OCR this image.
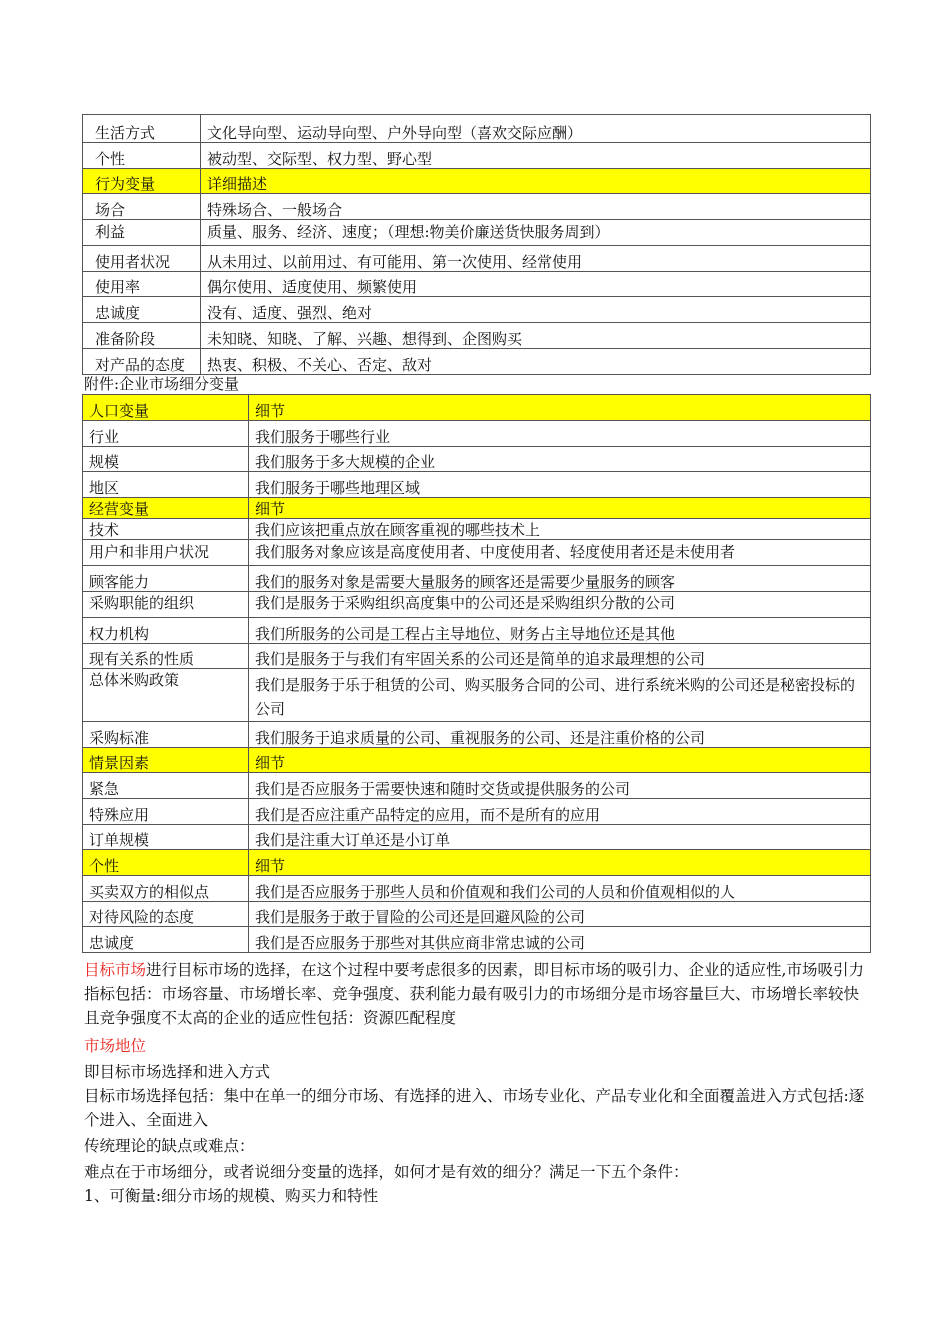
生活方式	文化导向型、运动导向型、户外导向型（喜欢交际应酬）
个性	被动型、交际型、权力型、野心型
行为变量	详细描述
场合	特殊场合、一般场合
利益	质量、服务、经济、速度；（理想:物美价廉送货快服务周到）
使用者状况	从未用过、以前用过、有可能用、第一次使用、经常使用
使用率	偶尔使用、适度使用、频繁使用
忠诚度	没有、适度、强烈、绝对
准备阶段	未知晓、知晓、了解、兴趣、想得到、企图购买
对产品的态度	热衷、积极、不关心、否定、敌对
附件:企业市场细分变量
人口变量	细节
行业	我们服务于哪些行业
规模	我们服务于多大规模的企业
地区	我们服务于哪些地理区域
经营变量	细节
技术	我们应该把重点放在顾客重视的哪些技术上
用户和非用户状况	我们服务对象应该是高度使用者、中度使用者、轻度使用者还是未使用者
顾客能力	我们的服务对象是需要大量服务的顾客还是需要少量服务的顾客
采购职能的组织	我们是服务于采购组织高度集中的公司还是采购组织分散的公司
权力机构	我们所服务的公司是工程占主导地位、财务占主导地位还是其他
现有关系的性质	我们是服务于与我们有牢固关系的公司还是简单的追求最理想的公司
总体米购政策	我们是服务于乐于租赁的公司、购买服务合同的公司、进行系统米购的公司还是秘密投标的公司
采购标准	我们服务于追求质量的公司、重视服务的公司、还是注重价格的公司
情景因素	细节
紧急	我们是否应服务于需要快速和随时交货或提供服务的公司
特殊应用	我们是否应注重产品特定的应用，而不是所有的应用
订单规模	我们是注重大订单还是小订单
个性	细节
买卖双方的相似点	我们是否应服务于那些人员和价值观和我们公司的人员和价值观相似的人
对待风险的态度	我们是服务于敢于冒险的公司还是回避风险的公司
忠诚度	我们是否应服务于那些对其供应商非常忠诚的公司
目标市场进行目标市场的选择，在这个过程中要考虑很多的因素，即目标市场的吸引力、企业的适应性,市场吸引力指标包括：市场容量、市场增长率、竞争强度、获利能力最有吸引力的市场细分是市场容量巨大、市场增长率较快且竞争强度不太高的企业的适应性包括：资源匹配程度
市场地位
即目标市场选择和进入方式
目标市场选择包括：集中在单一的细分市场、有选择的进入、市场专业化、产品专业化和全面覆盖进入方式包括:逐个进入、全面进入
传统理论的缺点或难点：
难点在于市场细分，或者说细分变量的选择，如何才是有效的细分？满足一下五个条件：
1、可衡量:细分市场的规模、购买力和特性
